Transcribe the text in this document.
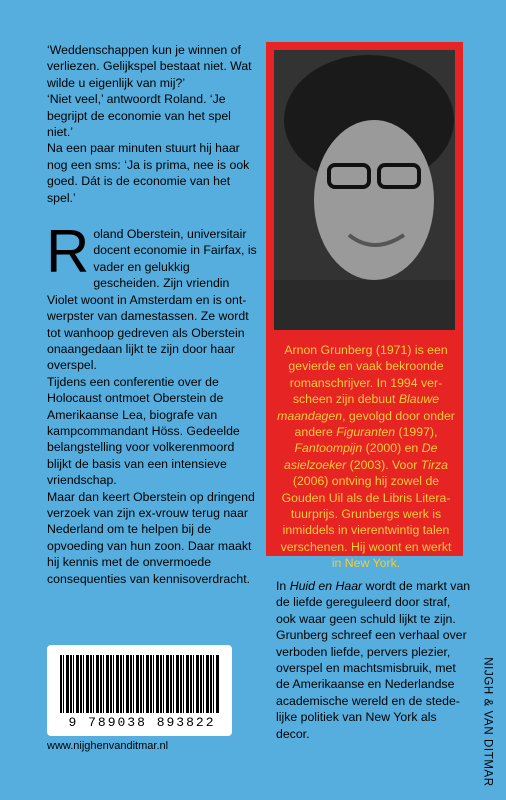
‘Weddenschappen kun je winnen of verliezen. Gelijkspel bestaat niet. Wat wilde u eigenlijk van mij?’

‘Niet veel,’ antwoordt Roland. ‘Je begrijpt de economie van het spel niet.’

Na een paar minuten stuurt hij haar nog een sms: ‘Ja is prima, nee is ook goed. Dát is de economie van het spel.’

Roland Oberstein, universitair docent economie in Fairfax, is vader en gelukkig gescheiden. Zijn vriendin Violet woont in Amsterdam en is ontwerpster van damestassen. Ze wordt tot wanhoop gedreven als Oberstein onaangedaan lijkt te zijn door haar overspel.

Tijdens een conferentie over de Holocaust ontmoet Oberstein de Amerikaanse Lea, biografe van kampcommandant Höss. Gedeelde belangstelling voor volkerenmoord blijkt de basis van een intensieve vriendschap.

Maar dan keert Oberstein op dringend verzoek van zijn ex-vrouw terug naar Nederland om te helpen bij de opvoeding van hun zoon. Daar maakt hij kennis met de onvermoede consequenties van kennisoverdracht.

Arnon Grunberg (1971) is een gevierde en vaak bekroonde romanschrijver. In 1994 verscheen zijn debuut Blauwe maandagen, gevolgd door onder andere Figuranten (1997), Fantoompijn (2000) en De asielzoeker (2003). Voor Tirza (2006) ontving hij zowel de Gouden Uil als de Libris Literatuurprijs. Grunbergs werk is inmiddels in vierentwintig talen verschenen. Hij woont en werkt in New York.

In Huid en Haar wordt de markt van de liefde gereguleerd door straf, ook waar geen schuld lijkt te zijn.

Grunberg schreef een verhaal over verboden liefde, pervers plezier, overspel en machtsmisbruik, met de Amerikaanse en Nederlandse academische wereld en de stedelijke politiek van New York als decor.

9 789038 893822
www.nijghenvanditmar.nl	NIJGH & VAN DITMAR
